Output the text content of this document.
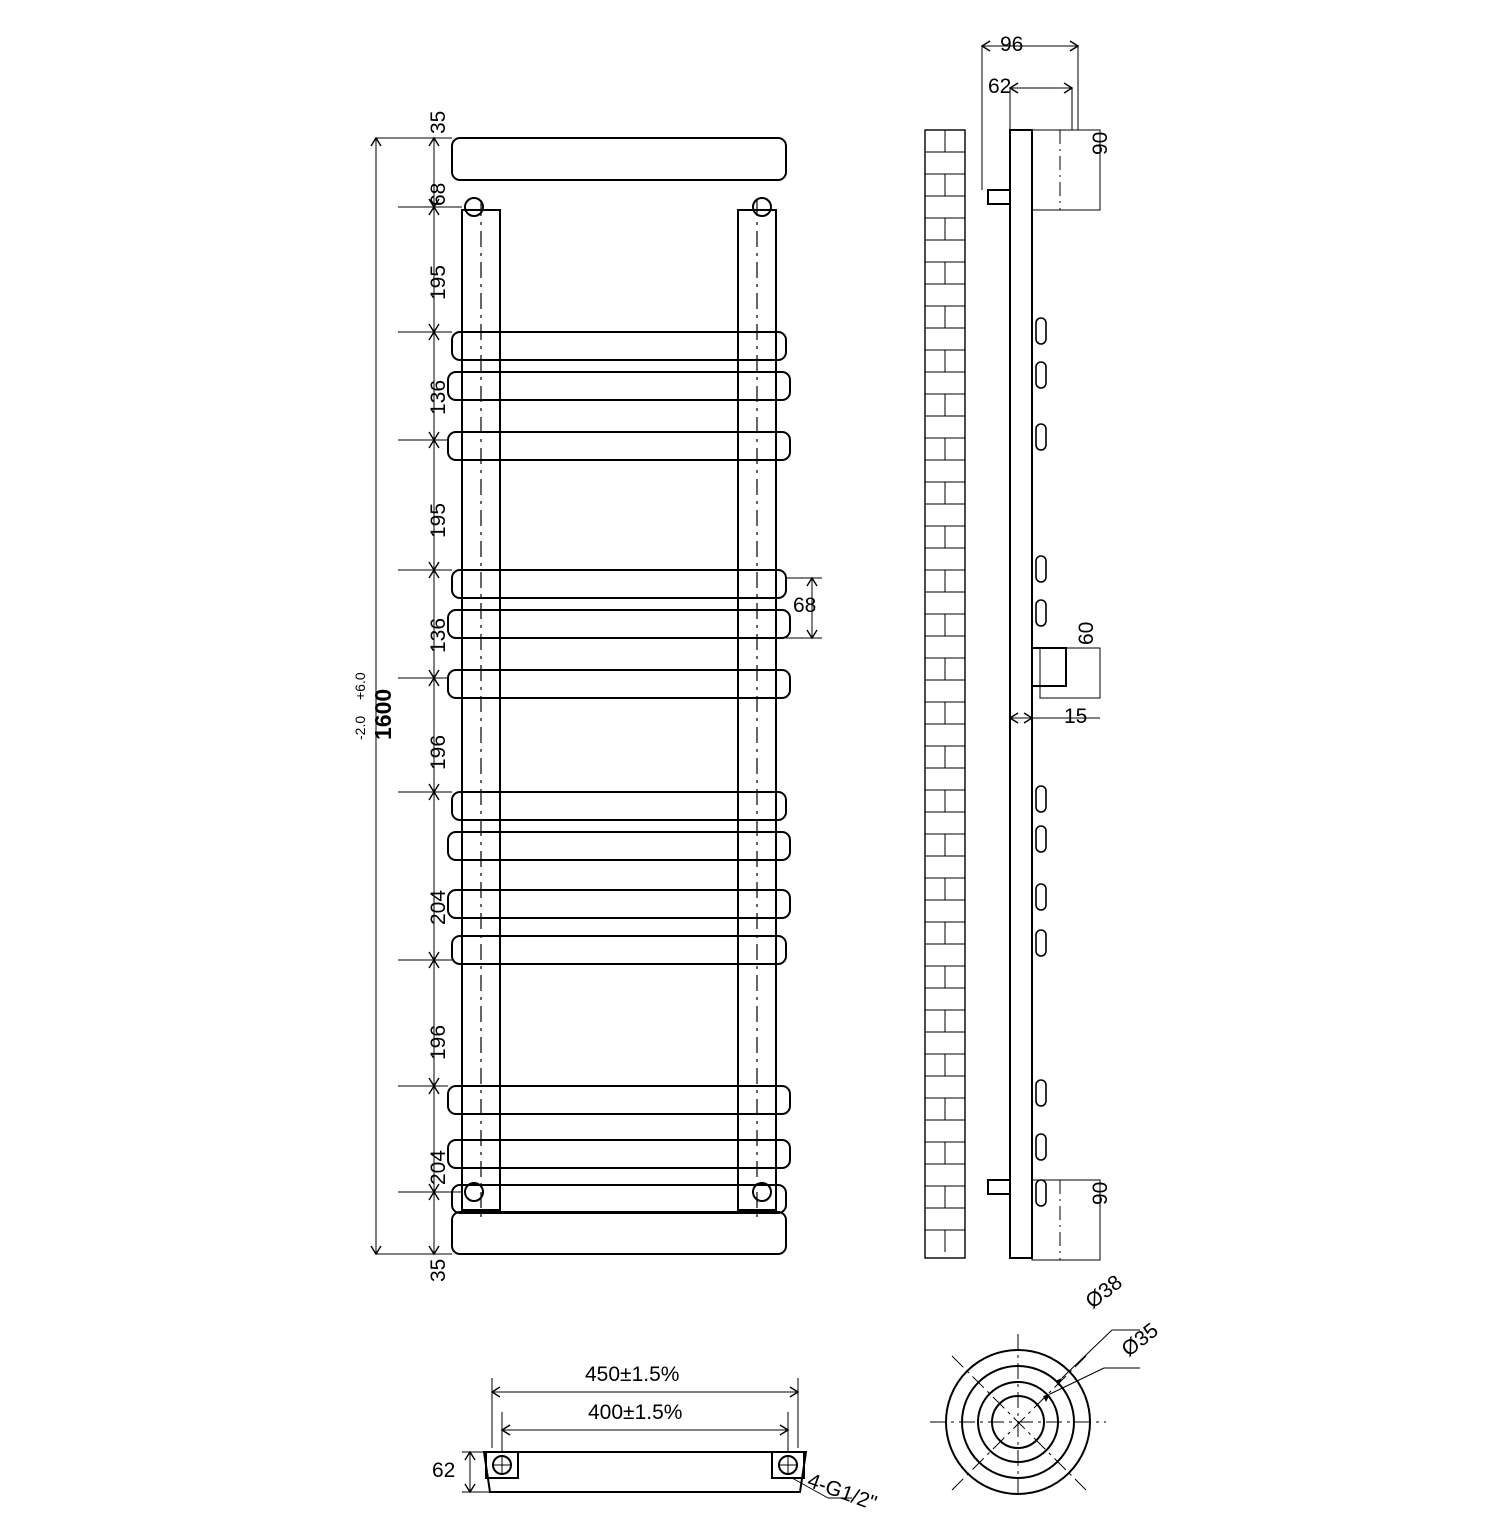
35
68
195
136
195
136
196
204
196
204
35
1600
+6.0
-2.0
68
96
62
90
60
15
90
450±1.5%
400±1.5%
62	4-G1/2"
Ø38
Ø35
